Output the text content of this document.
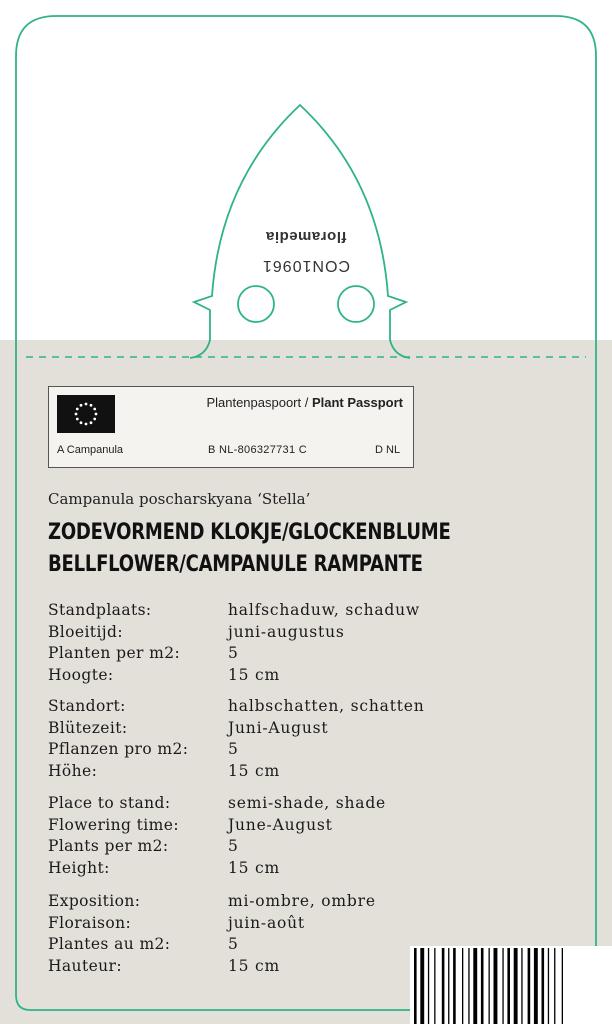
floramedia
CON10961
Plantenpaspoort / Plant Passport
A Campanula	B NL-806327731 C	D NL
Campanula poscharskyana ‘Stella’
ZODEVORMEND KLOKJE/GLOCKENBLUME
BELLFLOWER/CAMPANULE RAMPANTE
Standplaats:	halfschaduw, schaduw
Bloeitijd:	juni-augustus
Planten per m2:	5
Hoogte:	15 cm
Standort:	halbschatten, schatten
Blütezeit:	Juni-August
Pflanzen pro m2:	5
Höhe:	15 cm
Place to stand:	semi-shade, shade
Flowering time:	June-August
Plants per m2:	5
Height:	15 cm
Exposition:	mi-ombre, ombre
Floraison:	juin-août
Plantes au m2:	5
Hauteur:	15 cm
